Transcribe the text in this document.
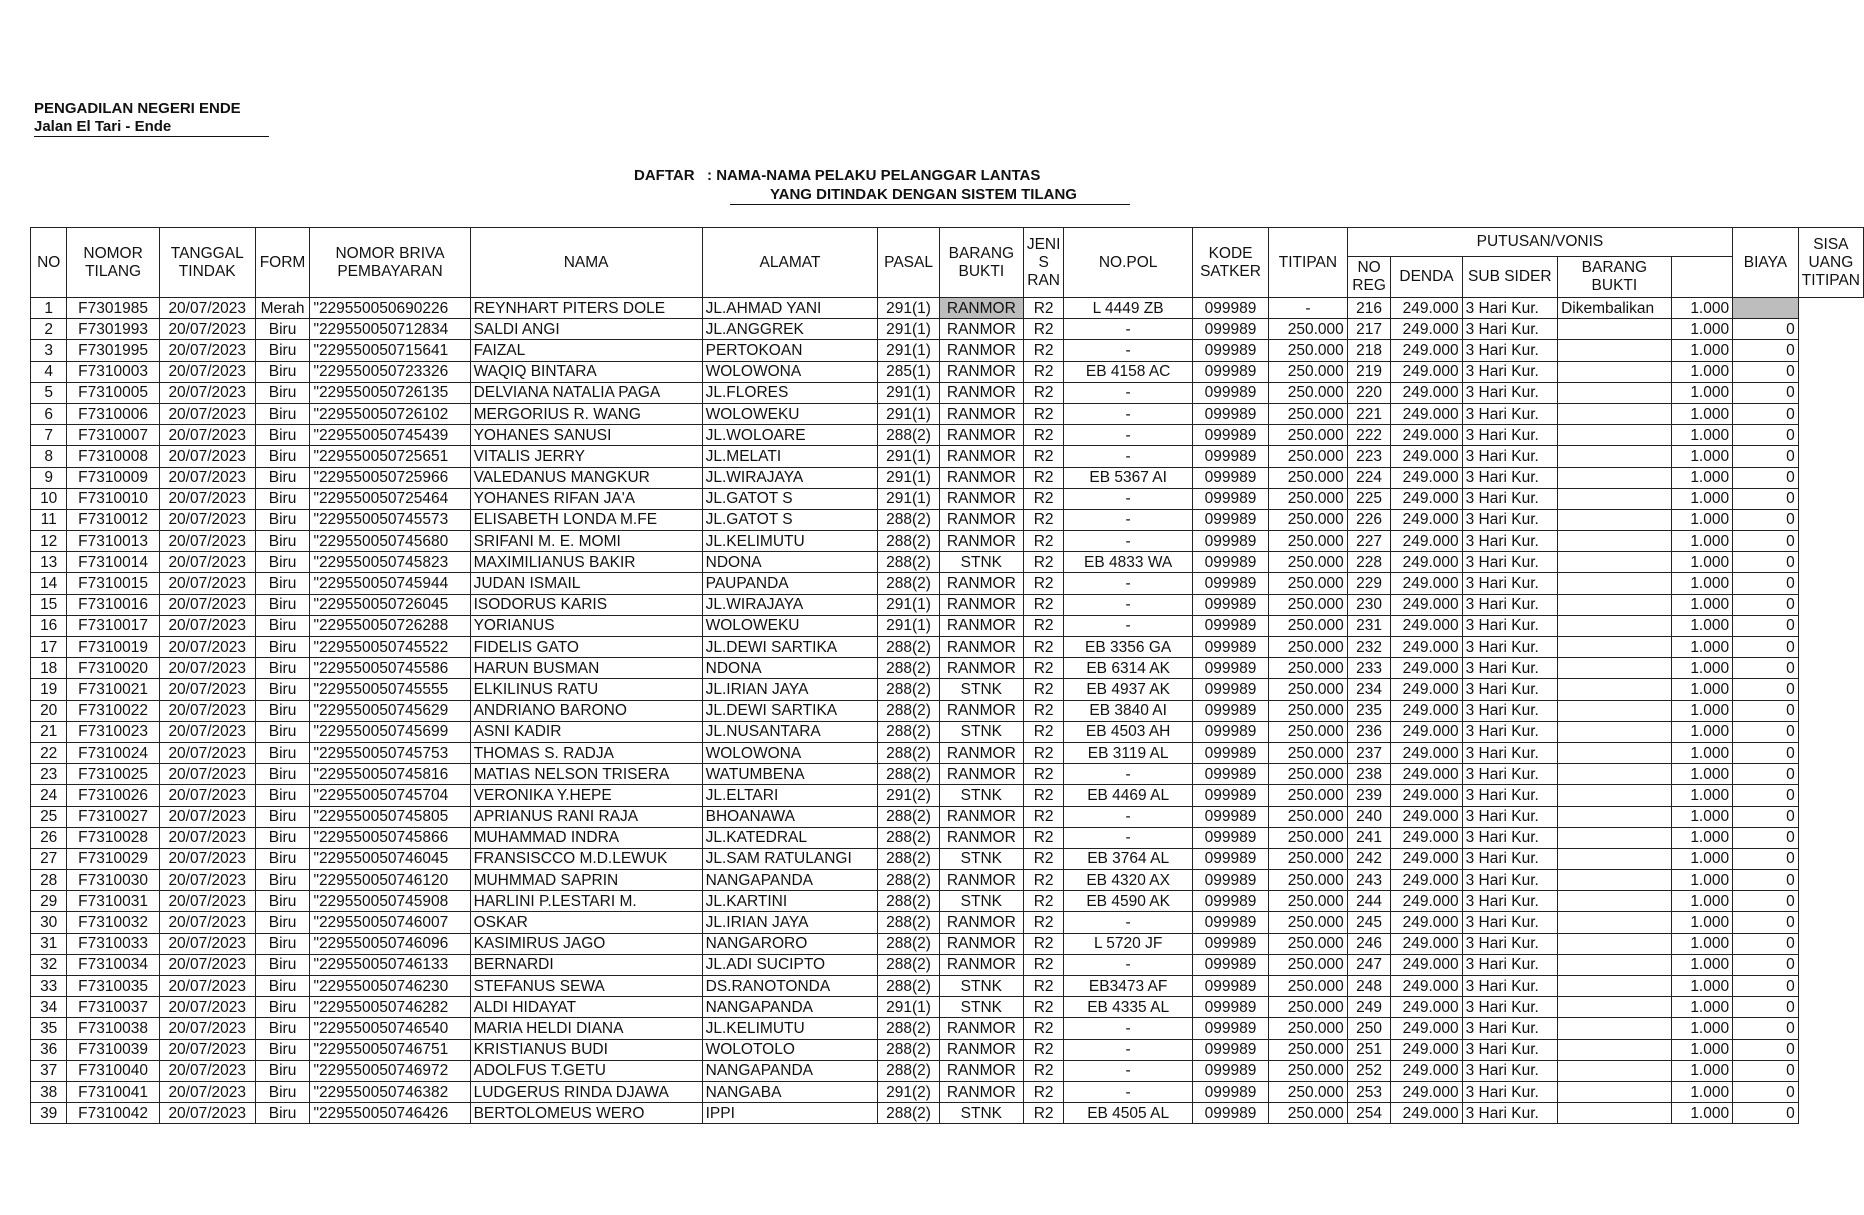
PENGADILAN NEGERI ENDE
Jalan El Tari - Ende
DAFTAR   : NAMA-NAMA PELAKU PELANGGAR LANTAS
YANG DITINDAK DENGAN SISTEM TILANG
NO	NOMOR TILANG	TANGGAL TINDAK	FORM	NOMOR BRIVA PEMBAYARAN	NAMA	ALAMAT	PASAL	BARANG BUKTI	JENI S RAN	NO.POL	KODE SATKER	TITIPAN	PUTUSAN/VONIS					BIAYA	SISA UANG TITIPAN
													NO REG	DENDA	SUB SIDER	BARANG BUKTI			
1	F7301985	20/07/2023	Merah	"229550050690226	REYNHART PITERS DOLE	JL.AHMAD YANI	291(1)	RANMOR	R2	L 4449 ZB	099989	-	216	249.000	3 Hari Kur.	Dikembalikan	1.000		
2	F7301993	20/07/2023	Biru	"229550050712834	SALDI ANGI	JL.ANGGREK	291(1)	RANMOR	R2	-	099989	250.000	217	249.000	3 Hari Kur.		1.000	0	
3	F7301995	20/07/2023	Biru	"229550050715641	FAIZAL	PERTOKOAN	291(1)	RANMOR	R2	-	099989	250.000	218	249.000	3 Hari Kur.		1.000	0	
4	F7310003	20/07/2023	Biru	"229550050723326	WAQIQ BINTARA	WOLOWONA	285(1)	RANMOR	R2	EB 4158 AC	099989	250.000	219	249.000	3 Hari Kur.		1.000	0	
5	F7310005	20/07/2023	Biru	"229550050726135	DELVIANA NATALIA PAGA	JL.FLORES	291(1)	RANMOR	R2	-	099989	250.000	220	249.000	3 Hari Kur.		1.000	0	
6	F7310006	20/07/2023	Biru	"229550050726102	MERGORIUS R. WANG	WOLOWEKU	291(1)	RANMOR	R2	-	099989	250.000	221	249.000	3 Hari Kur.		1.000	0	
7	F7310007	20/07/2023	Biru	"229550050745439	YOHANES SANUSI	JL.WOLOARE	288(2)	RANMOR	R2	-	099989	250.000	222	249.000	3 Hari Kur.		1.000	0	
8	F7310008	20/07/2023	Biru	"229550050725651	VITALIS JERRY	JL.MELATI	291(1)	RANMOR	R2	-	099989	250.000	223	249.000	3 Hari Kur.		1.000	0	
9	F7310009	20/07/2023	Biru	"229550050725966	VALEDANUS MANGKUR	JL.WIRAJAYA	291(1)	RANMOR	R2	EB 5367 AI	099989	250.000	224	249.000	3 Hari Kur.		1.000	0	
10	F7310010	20/07/2023	Biru	"229550050725464	YOHANES RIFAN JA'A	JL.GATOT S	291(1)	RANMOR	R2	-	099989	250.000	225	249.000	3 Hari Kur.		1.000	0	
11	F7310012	20/07/2023	Biru	"229550050745573	ELISABETH LONDA M.FE	JL.GATOT S	288(2)	RANMOR	R2	-	099989	250.000	226	249.000	3 Hari Kur.		1.000	0	
12	F7310013	20/07/2023	Biru	"229550050745680	SRIFANI M. E. MOMI	JL.KELIMUTU	288(2)	RANMOR	R2	-	099989	250.000	227	249.000	3 Hari Kur.		1.000	0	
13	F7310014	20/07/2023	Biru	"229550050745823	MAXIMILIANUS BAKIR	NDONA	288(2)	STNK	R2	EB 4833 WA	099989	250.000	228	249.000	3 Hari Kur.		1.000	0	
14	F7310015	20/07/2023	Biru	"229550050745944	JUDAN ISMAIL	PAUPANDA	288(2)	RANMOR	R2	-	099989	250.000	229	249.000	3 Hari Kur.		1.000	0	
15	F7310016	20/07/2023	Biru	"229550050726045	ISODORUS KARIS	JL.WIRAJAYA	291(1)	RANMOR	R2	-	099989	250.000	230	249.000	3 Hari Kur.		1.000	0	
16	F7310017	20/07/2023	Biru	"229550050726288	YORIANUS	WOLOWEKU	291(1)	RANMOR	R2	-	099989	250.000	231	249.000	3 Hari Kur.		1.000	0	
17	F7310019	20/07/2023	Biru	"229550050745522	FIDELIS GATO	JL.DEWI SARTIKA	288(2)	RANMOR	R2	EB 3356 GA	099989	250.000	232	249.000	3 Hari Kur.		1.000	0	
18	F7310020	20/07/2023	Biru	"229550050745586	HARUN BUSMAN	NDONA	288(2)	RANMOR	R2	EB 6314 AK	099989	250.000	233	249.000	3 Hari Kur.		1.000	0	
19	F7310021	20/07/2023	Biru	"229550050745555	ELKILINUS RATU	JL.IRIAN JAYA	288(2)	STNK	R2	EB 4937 AK	099989	250.000	234	249.000	3 Hari Kur.		1.000	0	
20	F7310022	20/07/2023	Biru	"229550050745629	ANDRIANO BARONO	JL.DEWI SARTIKA	288(2)	RANMOR	R2	EB 3840 AI	099989	250.000	235	249.000	3 Hari Kur.		1.000	0	
21	F7310023	20/07/2023	Biru	"229550050745699	ASNI KADIR	JL.NUSANTARA	288(2)	STNK	R2	EB 4503 AH	099989	250.000	236	249.000	3 Hari Kur.		1.000	0	
22	F7310024	20/07/2023	Biru	"229550050745753	THOMAS S. RADJA	WOLOWONA	288(2)	RANMOR	R2	EB 3119 AL	099989	250.000	237	249.000	3 Hari Kur.		1.000	0	
23	F7310025	20/07/2023	Biru	"229550050745816	MATIAS NELSON TRISERA	WATUMBENA	288(2)	RANMOR	R2	-	099989	250.000	238	249.000	3 Hari Kur.		1.000	0	
24	F7310026	20/07/2023	Biru	"229550050745704	VERONIKA Y.HEPE	JL.ELTARI	291(2)	STNK	R2	EB 4469 AL	099989	250.000	239	249.000	3 Hari Kur.		1.000	0	
25	F7310027	20/07/2023	Biru	"229550050745805	APRIANUS RANI RAJA	BHOANAWA	288(2)	RANMOR	R2	-	099989	250.000	240	249.000	3 Hari Kur.		1.000	0	
26	F7310028	20/07/2023	Biru	"229550050745866	MUHAMMAD INDRA	JL.KATEDRAL	288(2)	RANMOR	R2	-	099989	250.000	241	249.000	3 Hari Kur.		1.000	0	
27	F7310029	20/07/2023	Biru	"229550050746045	FRANSISCCO M.D.LEWUK	JL.SAM RATULANGI	288(2)	STNK	R2	EB 3764 AL	099989	250.000	242	249.000	3 Hari Kur.		1.000	0	
28	F7310030	20/07/2023	Biru	"229550050746120	MUHMMAD SAPRIN	NANGAPANDA	288(2)	RANMOR	R2	EB 4320 AX	099989	250.000	243	249.000	3 Hari Kur.		1.000	0	
29	F7310031	20/07/2023	Biru	"229550050745908	HARLINI P.LESTARI M.	JL.KARTINI	288(2)	STNK	R2	EB 4590 AK	099989	250.000	244	249.000	3 Hari Kur.		1.000	0	
30	F7310032	20/07/2023	Biru	"229550050746007	OSKAR	JL.IRIAN JAYA	288(2)	RANMOR	R2	-	099989	250.000	245	249.000	3 Hari Kur.		1.000	0	
31	F7310033	20/07/2023	Biru	"229550050746096	KASIMIRUS JAGO	NANGARORO	288(2)	RANMOR	R2	L 5720 JF	099989	250.000	246	249.000	3 Hari Kur.		1.000	0	
32	F7310034	20/07/2023	Biru	"229550050746133	BERNARDI	JL.ADI SUCIPTO	288(2)	RANMOR	R2	-	099989	250.000	247	249.000	3 Hari Kur.		1.000	0	
33	F7310035	20/07/2023	Biru	"229550050746230	STEFANUS SEWA	DS.RANOTONDA	288(2)	STNK	R2	EB3473 AF	099989	250.000	248	249.000	3 Hari Kur.		1.000	0	
34	F7310037	20/07/2023	Biru	"229550050746282	ALDI HIDAYAT	NANGAPANDA	291(1)	STNK	R2	EB 4335 AL	099989	250.000	249	249.000	3 Hari Kur.		1.000	0	
35	F7310038	20/07/2023	Biru	"229550050746540	MARIA HELDI DIANA	JL.KELIMUTU	288(2)	RANMOR	R2	-	099989	250.000	250	249.000	3 Hari Kur.		1.000	0	
36	F7310039	20/07/2023	Biru	"229550050746751	KRISTIANUS BUDI	WOLOTOLO	288(2)	RANMOR	R2	-	099989	250.000	251	249.000	3 Hari Kur.		1.000	0	
37	F7310040	20/07/2023	Biru	"229550050746972	ADOLFUS T.GETU	NANGAPANDA	288(2)	RANMOR	R2	-	099989	250.000	252	249.000	3 Hari Kur.		1.000	0	
38	F7310041	20/07/2023	Biru	"229550050746382	LUDGERUS RINDA DJAWA	NANGABA	291(2)	RANMOR	R2	-	099989	250.000	253	249.000	3 Hari Kur.		1.000	0	
39	F7310042	20/07/2023	Biru	"229550050746426	BERTOLOMEUS WERO	IPPI	288(2)	STNK	R2	EB 4505 AL	099989	250.000	254	249.000	3 Hari Kur.		1.000	0	
